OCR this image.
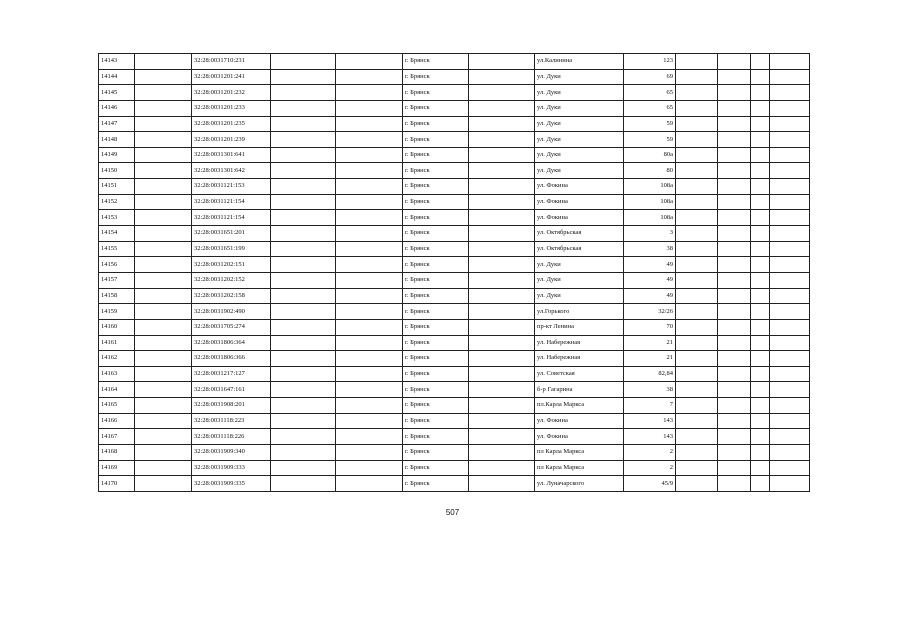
14143		32:28:0031710:231			г. Брянск		ул.Калинина	123				
14144		32:28:0031201:241			г. Брянск		ул. Дуки	69				
14145		32:28:0031201:232			г. Брянск		ул. Дуки	65				
14146		32:28:0031201:233			г. Брянск		ул. Дуки	65				
14147		32:28:0031201:235			г. Брянск		ул. Дуки	59				
14148		32:28:0031201:239			г. Брянск		ул. Дуки	59				
14149		32:28:0031301:641			г. Брянск		ул. Дуки	80а				
14150		32:28:0031301:642			г. Брянск		ул. Дуки	80				
14151		32:28:0031121:153			г. Брянск		ул. Фокина	108а				
14152		32:28:0031121:154			г. Брянск		ул. Фокина	108а				
14153		32:28:0031121:154			г. Брянск		ул. Фокина	108а				
14154		32:28:0031651:201			г. Брянск		ул. Октябрьская	3				
14155		32:28:0031651:199			г. Брянск		ул. Октябрьская	38				
14156		32:28:0031202:151			г. Брянск		ул. Дуки	49				
14157		32:28:0031202:152			г. Брянск		ул. Дуки	49				
14158		32:28:0031202:158			г. Брянск		ул. Дуки	49				
14159		32:28:0031902:490			г. Брянск		ул.Горького	32/26				
14160		32:28:0031705:274			г. Брянск		пр-кт Ленина	70				
14161		32:28:0031806:364			г. Брянск		ул. Набережная	21				
14162		32:28:0031806:366			г. Брянск		ул. Набережная	21				
14163		32:28:0031217:127			г. Брянск		ул. Советская	82,84				
14164		32:28:0031647:161			г. Брянск		б-р Гагарина	38				
14165		32:28:0031908:201			г. Брянск		пл.Карла Маркса	7				
14166		32:28:0031118:223			г. Брянск		ул. Фокина	143				
14167		32:28:0031118:226			г. Брянск		ул. Фокина	143				
14168		32:28:0031909:340			г. Брянск		пл Карла Маркса	2				
14169		32:28:0031909:333			г. Брянск		пл Карла Маркса	2				
14170		32:28:0031909:335			г. Брянск		ул. Луначарского	45/9				
507
